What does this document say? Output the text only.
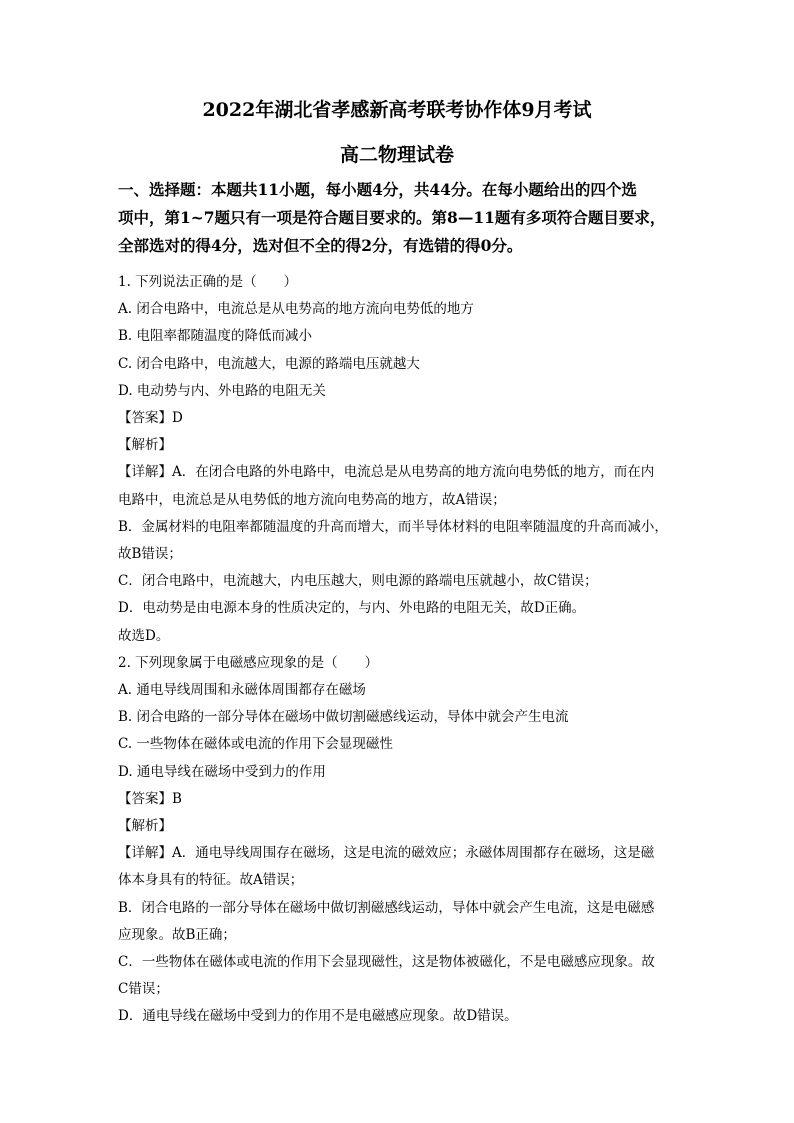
2022年湖北省孝感新高考联考协作体9月考试
高二物理试卷
一、选择题：本题共11小题，每小题4分，共44分。在每小题给出的四个选
项中，第1~7题只有一项是符合题目要求的。第8—11题有多项符合题目要求，
全部选对的得4分，选对但不全的得2分，有选错的得0分。
1. 下列说法正确的是（　　）
A. 闭合电路中，电流总是从电势高的地方流向电势低的地方
B. 电阻率都随温度的降低而减小
C. 闭合电路中，电流越大，电源的路端电压就越大
D. 电动势与内、外电路的电阻无关
【答案】D
【解析】
【详解】A．在闭合电路的外电路中，电流总是从电势高的地方流向电势低的地方，而在内
电路中，电流总是从电势低的地方流向电势高的地方，故A错误；
B．金属材料的电阻率都随温度的升高而增大，而半导体材料的电阻率随温度的升高而减小，
故B错误；
C．闭合电路中，电流越大，内电压越大，则电源的路端电压就越小，故C错误；
D．电动势是由电源本身的性质决定的，与内、外电路的电阻无关，故D正确。
故选D。
2. 下列现象属于电磁感应现象的是（　　）
A. 通电导线周围和永磁体周围都存在磁场
B. 闭合电路的一部分导体在磁场中做切割磁感线运动，导体中就会产生电流
C. 一些物体在磁体或电流的作用下会显现磁性
D. 通电导线在磁场中受到力的作用
【答案】B
【解析】
【详解】A．通电导线周围存在磁场，这是电流的磁效应；永磁体周围都存在磁场，这是磁
体本身具有的特征。故A错误；
B．闭合电路的一部分导体在磁场中做切割磁感线运动，导体中就会产生电流，这是电磁感
应现象。故B正确；
C．一些物体在磁体或电流的作用下会显现磁性，这是物体被磁化，不是电磁感应现象。故
C错误；
D．通电导线在磁场中受到力的作用不是电磁感应现象。故D错误。
